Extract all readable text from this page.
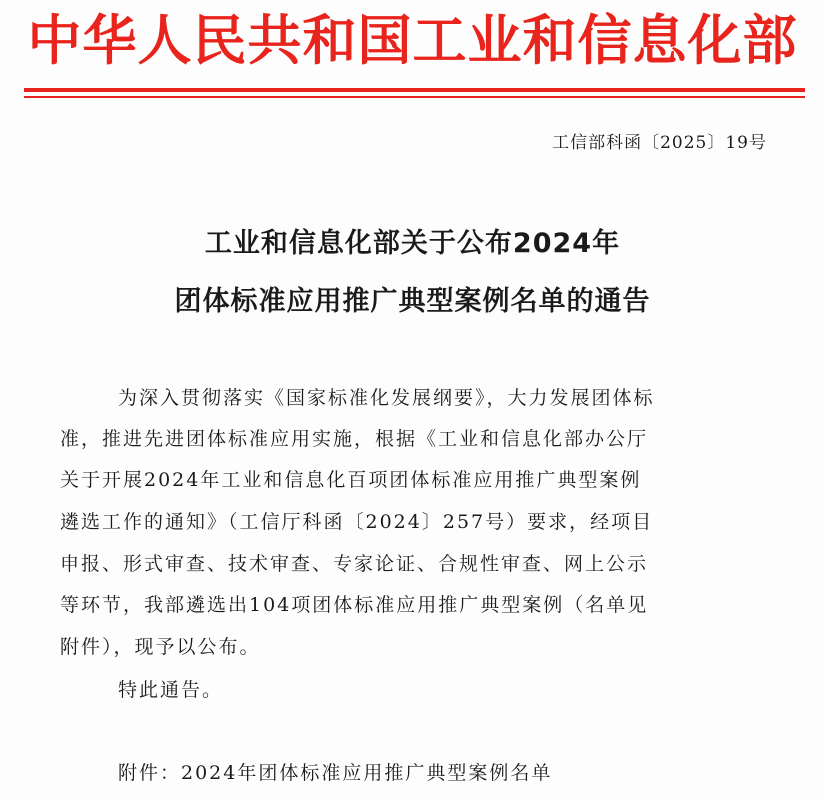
中华人民共和国工业和信息化部
工信部科函〔2025〕19号
工业和信息化部关于公布2024年
团体标准应用推广典型案例名单的通告
为深入贯彻落实《国家标准化发展纲要》，大力发展团体标
准，推进先进团体标准应用实施，根据《工业和信息化部办公厅
关于开展2024年工业和信息化百项团体标准应用推广典型案例
遴选工作的通知》（工信厅科函〔2024〕257号）要求，经项目
申报、形式审查、技术审查、专家论证、合规性审查、网上公示
等环节，我部遴选出104项团体标准应用推广典型案例（名单见
附件），现予以公布。
特此通告。
附件：2024年团体标准应用推广典型案例名单
